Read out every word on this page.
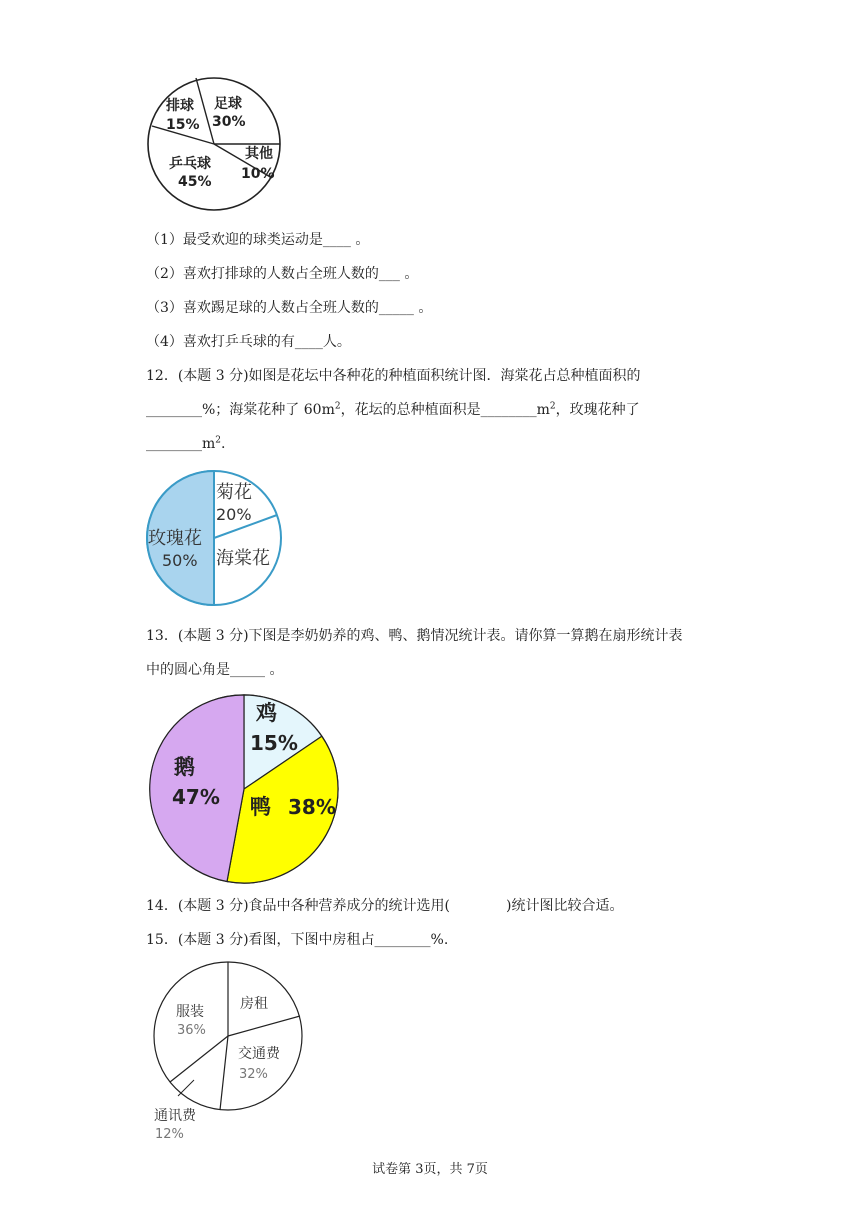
足球
30%
其他
10%
乒乓球
45%
排球
15%
（1）最受欢迎的球类运动是____ 。
（2）喜欢打排球的人数占全班人数的___ 。
（3）喜欢踢足球的人数占全班人数的_____ 。
（4）喜欢打乒乓球的有____人。
12．(本题 3 分)如图是花坛中各种花的种植面积统计图．海棠花占总种植面积的
________%；海棠花种了 $60m^2$，花坛的总种植面积是$\_\_\_\_\_\_\_\_m^2$，玫瑰花种了
$\_\_\_\_\_\_\_\_m^2$.
菊花
20%
海棠花
玫瑰花
50%
13．(本题 3 分)下图是李奶奶养的鸡、鸭、鹅情况统计表。请你算一算鹅在扇形统计表
中的圆心角是_____ 。
鸡
15%
鸭 38%
鹅
47%
14．(本题 3 分)食品中各种营养成分的统计选用(　　　　)统计图比较合适。
15．(本题 3 分)看图，下图中房租占________%.
房租
交通费
32%
通讯费
12%
服装
36%
试卷第 3页，共 7页
